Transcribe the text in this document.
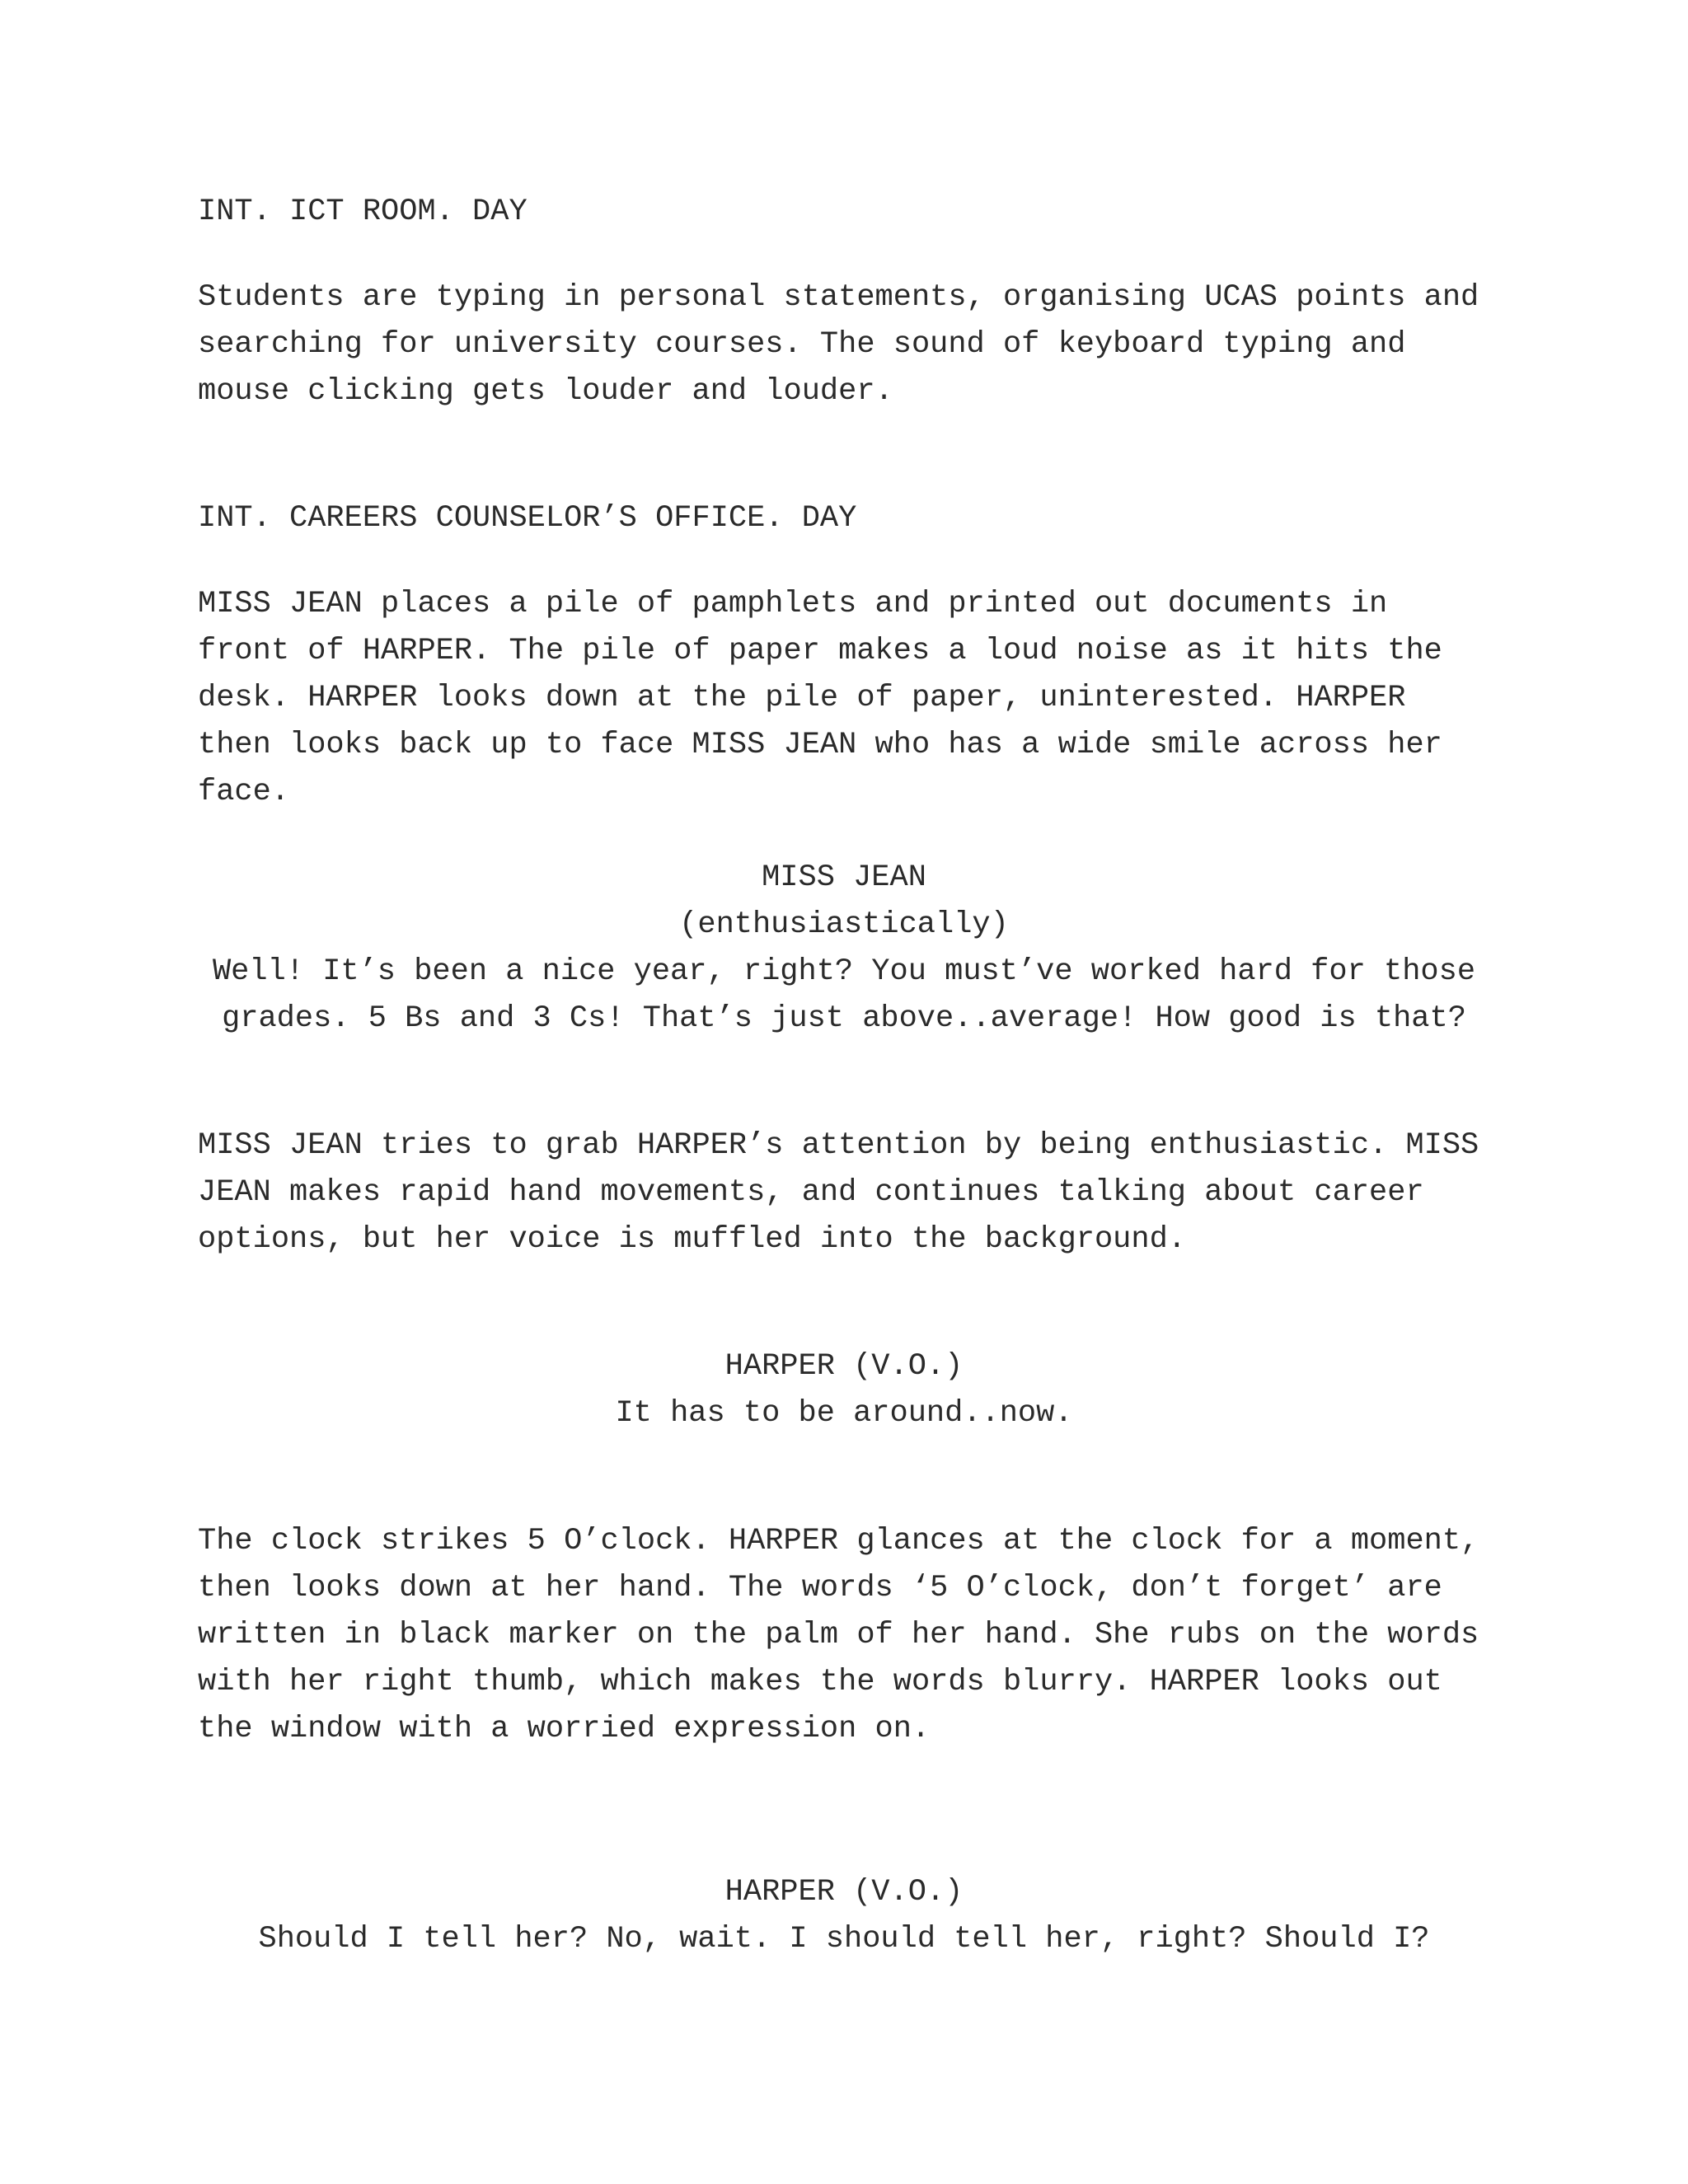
INT. ICT ROOM. DAY

Students are typing in personal statements, organising UCAS points and

searching for university courses. The sound of keyboard typing and

mouse clicking gets louder and louder.

INT. CAREERS COUNSELOR’S OFFICE. DAY

MISS JEAN places a pile of pamphlets and printed out documents in

front of HARPER. The pile of paper makes a loud noise as it hits the

desk. HARPER looks down at the pile of paper, uninterested. HARPER

then looks back up to face MISS JEAN who has a wide smile across her

face.

MISS JEAN

(enthusiastically)

Well! It’s been a nice year, right? You must’ve worked hard for those

grades. 5 Bs and 3 Cs! That’s just above..average! How good is that?

MISS JEAN tries to grab HARPER’s attention by being enthusiastic. MISS

JEAN makes rapid hand movements, and continues talking about career

options, but her voice is muffled into the background.

HARPER (V.O.)

It has to be around..now.

The clock strikes 5 O’clock. HARPER glances at the clock for a moment,

then looks down at her hand. The words ‘5 O’clock, don’t forget’ are

written in black marker on the palm of her hand. She rubs on the words

with her right thumb, which makes the words blurry. HARPER looks out

the window with a worried expression on.

HARPER (V.O.)

Should I tell her? No, wait. I should tell her, right? Should I?
